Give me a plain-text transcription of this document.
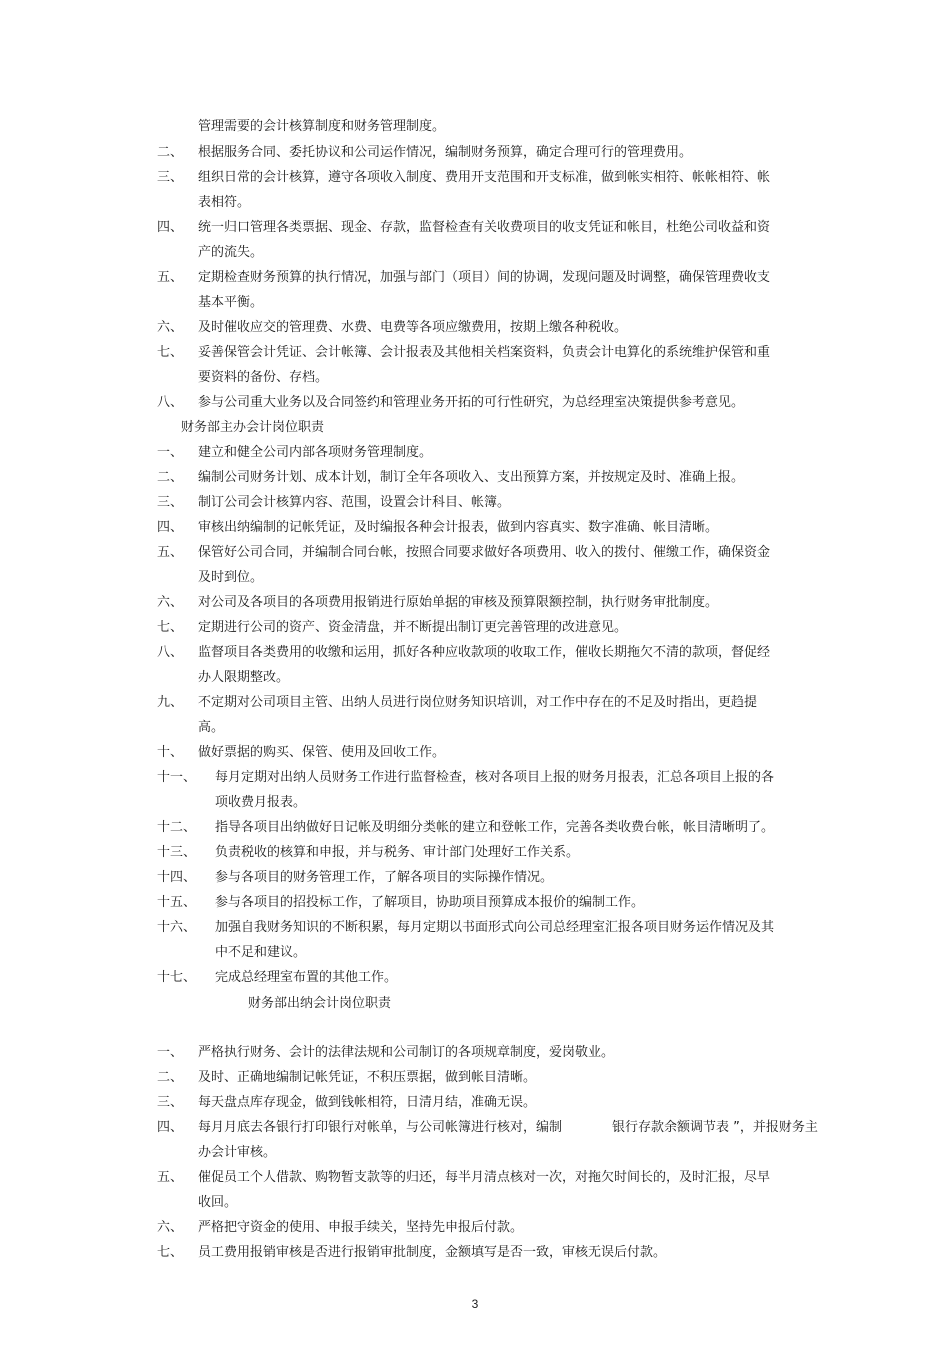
管理需要的会计核算制度和财务管理制度。
二、 根据服务合同、委托协议和公司运作情况，编制财务预算，确定合理可行的管理费用。
三、 组织日常的会计核算，遵守各项收入制度、费用开支范围和开支标准，做到帐实相符、帐帐相符、帐
表相符。
四、 统一归口管理各类票据、现金、存款，监督检查有关收费项目的收支凭证和帐目，杜绝公司收益和资
产的流失。
五、 定期检查财务预算的执行情况，加强与部门（项目）间的协调，发现问题及时调整，确保管理费收支
基本平衡。
六、 及时催收应交的管理费、水费、电费等各项应缴费用，按期上缴各种税收。
七、 妥善保管会计凭证、会计帐簿、会计报表及其他相关档案资料，负责会计电算化的系统维护保管和重
要资料的备份、存档。
八、 参与公司重大业务以及合同签约和管理业务开拓的可行性研究，为总经理室决策提供参考意见。
财务部主办会计岗位职责
一、 建立和健全公司内部各项财务管理制度。
二、 编制公司财务计划、成本计划，制订全年各项收入、支出预算方案，并按规定及时、准确上报。
三、 制订公司会计核算内容、范围，设置会计科目、帐簿。
四、 审核出纳编制的记帐凭证，及时编报各种会计报表，做到内容真实、数字准确、帐目清晰。
五、 保管好公司合同，并编制合同台帐，按照合同要求做好各项费用、收入的拨付、催缴工作，确保资金
及时到位。
六、 对公司及各项目的各项费用报销进行原始单据的审核及预算限额控制，执行财务审批制度。
七、 定期进行公司的资产、资金清盘，并不断提出制订更完善管理的改进意见。
八、 监督项目各类费用的收缴和运用，抓好各种应收款项的收取工作，催收长期拖欠不清的款项，督促经
办人限期整改。
九、 不定期对公司项目主管、出纳人员进行岗位财务知识培训，对工作中存在的不足及时指出，更趋提
高。
十、 做好票据的购买、保管、使用及回收工作。
十一、 每月定期对出纳人员财务工作进行监督检查，核对各项目上报的财务月报表，汇总各项目上报的各
项收费月报表。
十二、 指导各项目出纳做好日记帐及明细分类帐的建立和登帐工作，完善各类收费台帐，帐目清晰明了。
十三、 负责税收的核算和申报，并与税务、审计部门处理好工作关系。
十四、 参与各项目的财务管理工作，了解各项目的实际操作情况。
十五、 参与各项目的招投标工作，了解项目，协助项目预算成本报价的编制工作。
十六、 加强自我财务知识的不断积累，每月定期以书面形式向公司总经理室汇报各项目财务运作情况及其
中不足和建议。
十七、 完成总经理室布置的其他工作。
财务部出纳会计岗位职责
一、 严格执行财务、会计的法律法规和公司制订的各项规章制度，爱岗敬业。
二、 及时、正确地编制记帐凭证，不积压票据，做到帐目清晰。
三、 每天盘点库存现金，做到钱帐相符，日清月结，准确无误。
四、 每月月底去各银行打印银行对帐单，与公司帐簿进行核对，编制	银行存款余额调节表 ”，并报财务主
办会计审核。
五、 催促员工个人借款、购物暂支款等的归还，每半月清点核对一次，对拖欠时间长的，及时汇报，尽早
收回。
六、 严格把守资金的使用、申报手续关，坚持先申报后付款。
七、 员工费用报销审核是否进行报销审批制度，金额填写是否一致，审核无误后付款。
3
